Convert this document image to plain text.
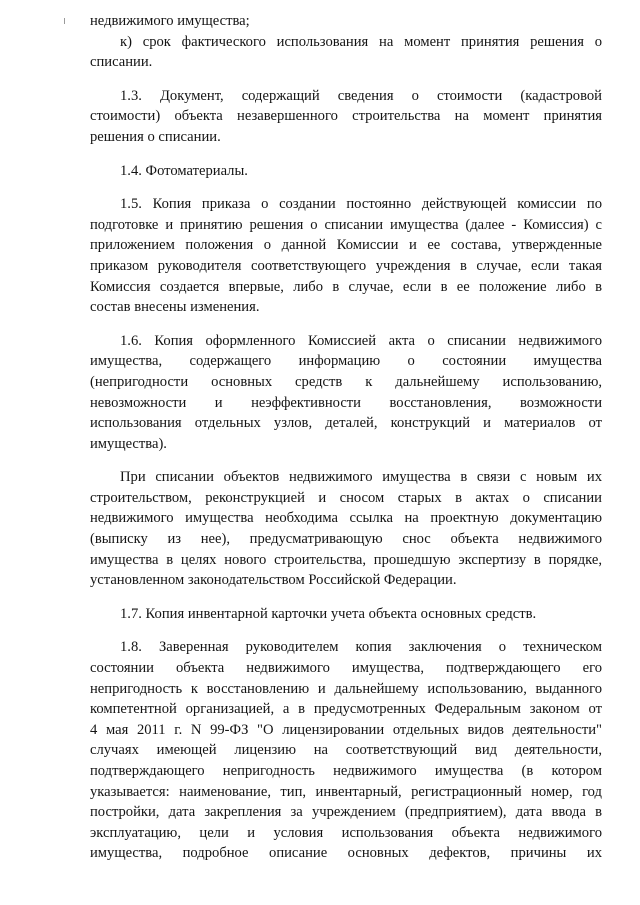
недвижимого имущества;

к) срок фактического использования на момент принятия решения о
списании.

1.3. Документ, содержащий сведения о стоимости (кадастровой
стоимости) объекта незавершенного строительства на момент принятия
решения о списании.

1.4. Фотоматериалы.

1.5. Копия приказа о создании постоянно действующей комиссии по
подготовке и принятию решения о списании имущества (далее - Комиссия) с
приложением положения о данной Комиссии и ее состава, утвержденные
приказом руководителя соответствующего учреждения в случае, если такая
Комиссия создается впервые, либо в случае, если в ее положение либо в
состав внесены изменения.

1.6. Копия оформленного Комиссией акта о списании недвижимого
имущества, содержащего информацию о состоянии имущества
(непригодности основных средств к дальнейшему использованию,
невозможности и неэффективности восстановления, возможности
использования отдельных узлов, деталей, конструкций и материалов от
имущества).

При списании объектов недвижимого имущества в связи с новым их
строительством, реконструкцией и сносом старых в актах о списании
недвижимого имущества необходима ссылка на проектную документацию
(выписку из нее), предусматривающую снос объекта недвижимого
имущества в целях нового строительства, прошедшую экспертизу в порядке,
установленном законодательством Российской Федерации.

1.7. Копия инвентарной карточки учета объекта основных средств.

1.8. Заверенная руководителем копия заключения о техническом
состоянии объекта недвижимого имущества, подтверждающего его
непригодность к восстановлению и дальнейшему использованию, выданного
компетентной организацией, а в предусмотренных Федеральным законом от
4 мая 2011 г. N 99-ФЗ "О лицензировании отдельных видов деятельности"
случаях имеющей лицензию на соответствующий вид деятельности,
подтверждающего непригодность недвижимого имущества (в котором
указывается: наименование, тип, инвентарный, регистрационный номер, год
постройки, дата закрепления за учреждением (предприятием), дата ввода в
эксплуатацию, цели и условия использования объекта недвижимого
имущества, подробное описание основных дефектов, причины их
